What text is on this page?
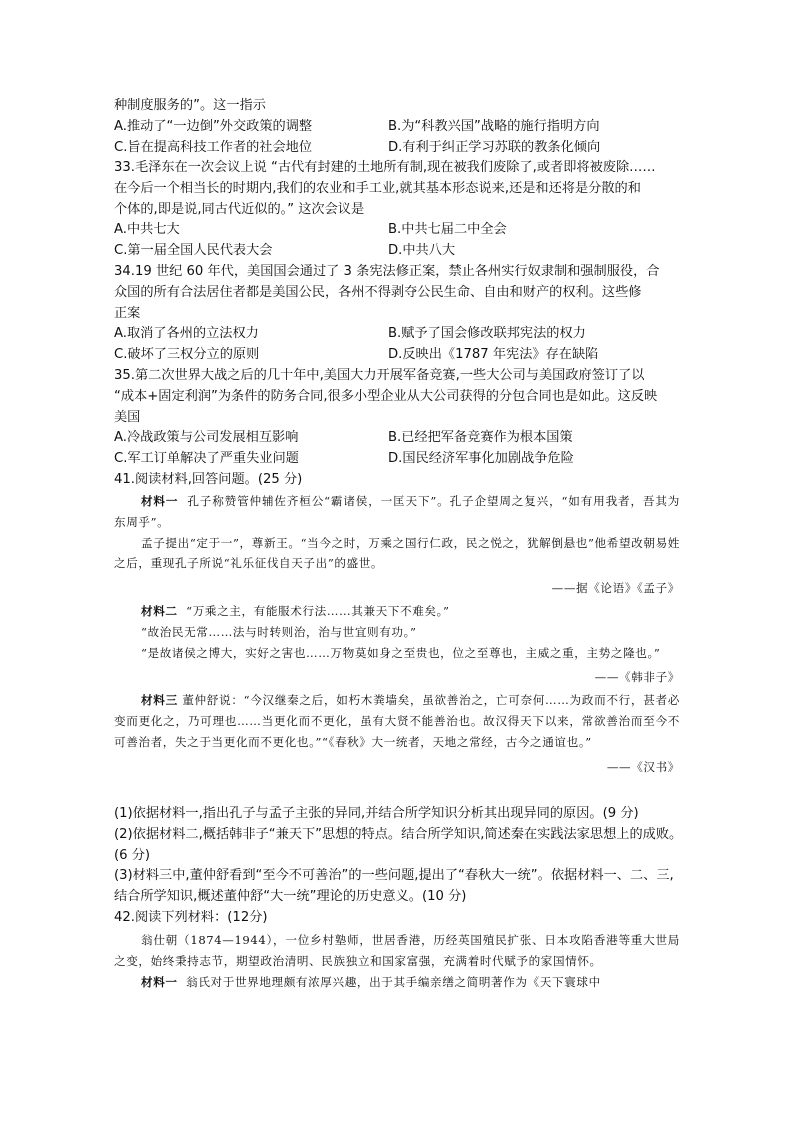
种制度服务的”。这一指示
A.推动了“一边倒”外交政策的调整	B.为“科教兴国”战略的施行指明方向
C.旨在提高科技工作者的社会地位	D.有利于纠正学习苏联的教条化倾向
33.毛泽东在一次会议上说 “古代有封建的土地所有制,现在被我们废除了,或者即将被废除……
在今后一个相当长的时期内,我们的农业和手工业,就其基本形态说来,还是和还将是分散的和
个体的,即是说,同古代近似的。” 这次会议是
A.中共七大	B.中共七届二中全会
C.第一届全国人民代表大会	D.中共八大
34.19 世纪 60 年代，美国国会通过了 3 条宪法修正案，禁止各州实行奴隶制和强制服役，合
众国的所有合法居住者都是美国公民，各州不得剥夺公民生命、自由和财产的权利。这些修
正案
A.取消了各州的立法权力	B.赋予了国会修改联邦宪法的权力
C.破坏了三权分立的原则	D.反映出《1787 年宪法》存在缺陷
35.第二次世界大战之后的几十年中,美国大力开展军备竞赛,一些大公司与美国政府签订了以
“成本+固定利润”为条件的防务合同,很多小型企业从大公司获得的分包合同也是如此。这反映
美国
A.冷战政策与公司发展相互影响	B.已经把军备竞赛作为根本国策
C.军工订单解决了严重失业问题	D.国民经济军事化加剧战争危险
41.阅读材料,回答问题。(25 分)

材料一 孔子称赞管仲辅佐齐桓公“霸诸侯，一匡天下”。孔子企望周之复兴，“如有用我者，吾其为东周乎”。

孟子提出“定于一”，尊新王。“当今之时，万乘之国行仁政，民之悦之，犹解倒悬也”他希望改朝易姓之后，重现孔子所说“礼乐征伐自天子出”的盛世。

——据《论语》《孟子》

材料二 “万乘之主，有能服术行法……其兼天下不难矣。”

“故治民无常……法与时转则治，治与世宜则有功。”

“是故诸侯之博大，实好之害也……万物莫如身之至贵也，位之至尊也，主威之重，主势之隆也。”

——《韩非子》

材料三 董仲舒说：“今汉继秦之后，如朽木粪墙矣，虽欲善治之，亡可奈何……为政而不行，甚者必变而更化之，乃可理也……当更化而不更化，虽有大贤不能善治也。故汉得天下以来，常欲善治而至今不可善治者，失之于当更化而不更化也。”“《春秋》大一统者，天地之常经，古今之通谊也。”

——《汉书》

(1)依据材料一,指出孔子与孟子主张的异同,并结合所学知识分析其出现异同的原因。(9 分)

(2)依据材料二,概括韩非子“兼天下”思想的特点。结合所学知识,简述秦在实践法家思想上的成败。(6 分)

(3)材料三中,董仲舒看到“至今不可善治”的一些问题,提出了“春秋大一统”。依据材料一、二、三,结合所学知识,概述董仲舒“大一统”理论的历史意义。(10 分)

42.阅读下列材料：(12分)

翁仕朝（1874—1944），一位乡村塾师，世居香港，历经英国殖民扩张、日本攻陷香港等重大世局之变，始终秉持志节，期望政治清明、民族独立和国家富强，充满着时代赋予的家国情怀。

材料一 翁氏对于世界地理颇有浓厚兴趣，出于其手编亲缮之简明著作为《天下寰球中
